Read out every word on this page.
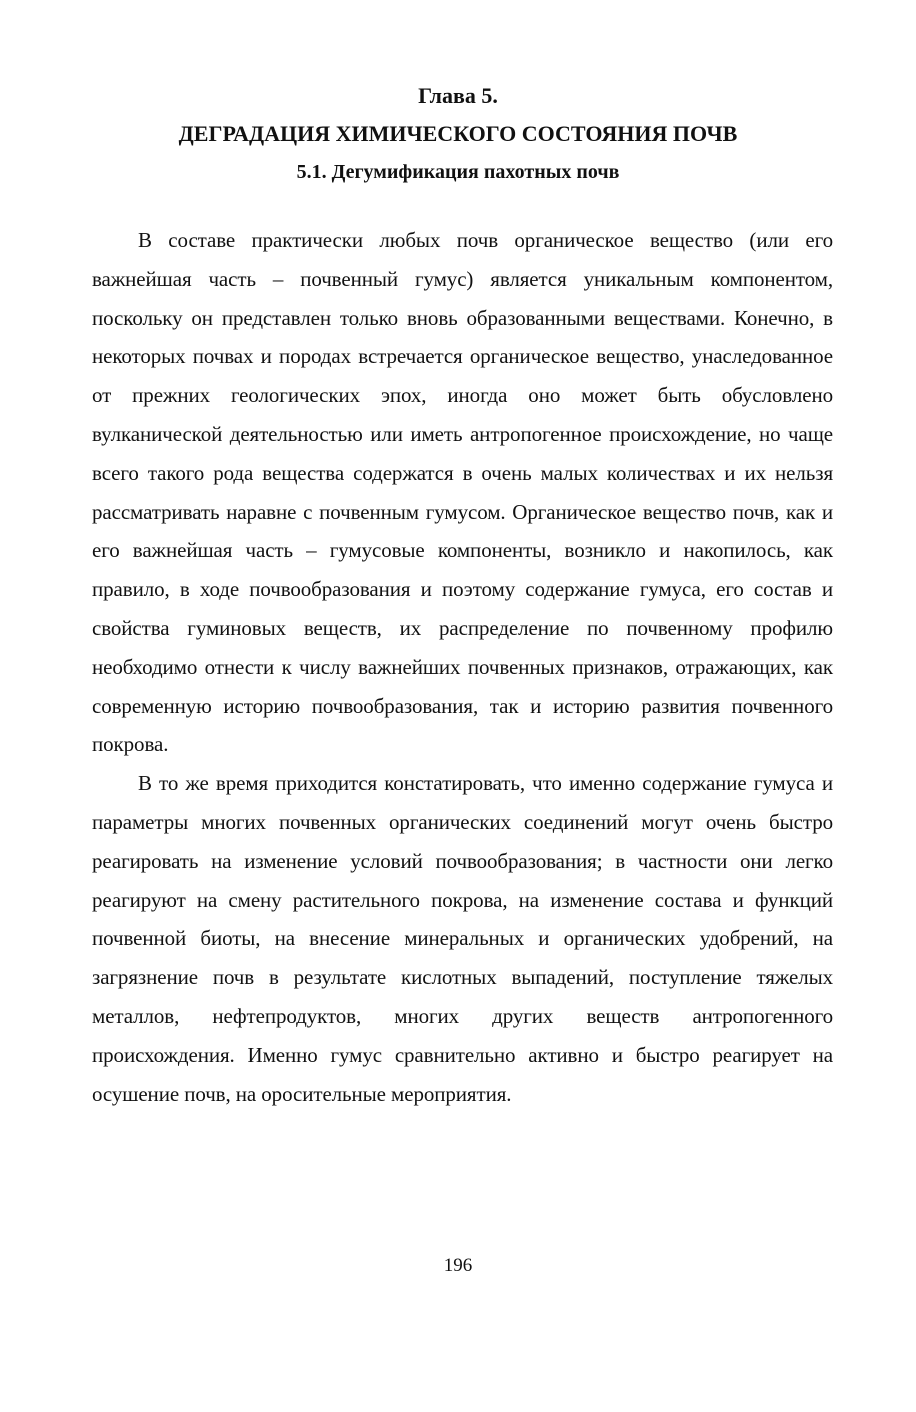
Глава 5.
ДЕГРАДАЦИЯ ХИМИЧЕСКОГО СОСТОЯНИЯ ПОЧВ
5.1. Дегумификация пахотных почв

В составе практически любых почв органическое вещество (или его важнейшая часть – почвенный гумус) является уникальным компонентом, поскольку он представлен только вновь образованными веществами. Конечно, в некоторых почвах и породах встречается органическое вещество, унаследованное от прежних геологических эпох, иногда оно может быть обусловлено вулканической деятельностью или иметь антропогенное происхождение, но чаще всего такого рода вещества содержатся в очень малых количествах и их нельзя рассматривать наравне с почвенным гумусом. Органическое вещество почв, как и его важнейшая часть – гумусовые компоненты, возникло и накопилось, как правило, в ходе почвообразования и поэтому содержание гумуса, его состав и свойства гуминовых веществ, их распределение по почвенному профилю необходимо отнести к числу важнейших почвенных признаков, отражающих, как современную историю почвообразования, так и историю развития почвенного покрова.

В то же время приходится констатировать, что именно содержание гумуса и параметры многих почвенных органических соединений могут очень быстро реагировать на изменение условий почвообразования; в частности они легко реагируют на смену растительного покрова, на изменение состава и функций почвенной биоты, на внесение минеральных и органических удобрений, на загрязнение почв в результате кислотных выпадений, поступление тяжелых металлов, нефтепродуктов, многих других веществ антропогенного происхождения. Именно гумус сравнительно активно и быстро реагирует на осушение почв, на оросительные мероприятия.

196
